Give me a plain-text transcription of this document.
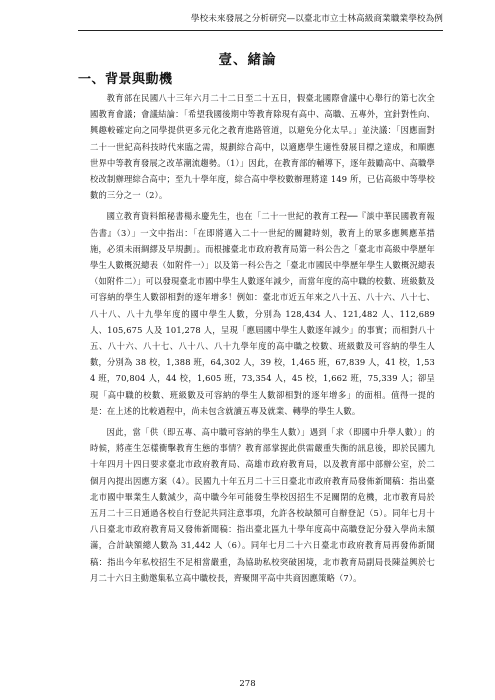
學校未來發展之分析研究—以臺北市立士林高級商業職業學校為例
壹、緒論
一、背景與動機

教育部在民國八十三年六月二十二日至二十五日，假臺北國際會議中心舉行的第七次全國教育會議；會議結論：「希望我國後期中等教育除現有高中、高職、五專外，宜針對性向、興趣較確定向之同學提供更多元化之教育進路管道，以避免分化太早。」並決議：「因應面對二十一世紀高科技時代來臨之需，規劃綜合高中，以適應學生適性發展目標之達成，和順應世界中等教育發展之改革潮流趨勢。（1）」因此，在教育部的輔導下，逐年鼓勵高中、高職學校改制辦理綜合高中；至九十學年度，綜合高中學校數辦理將達 149 所，已佔高級中等學校數的三分之一（2）。

國立教育資料館秘書楊永慶先生，也在「二十一世紀的教育工程──『談中華民國教育報告書』（3）」一文中指出：「在即將邁入二十一世紀的關鍵時刻，教育上的眾多應興應革措施，必須未雨綢繆及早規劃」。而根據臺北市政府教育局第一科公告之「臺北市高級中學歷年學生人數概況總表（如附件一）」以及第一科公告之「臺北市國民中學歷年學生人數概況總表（如附件二）」可以發現臺北市國中學生人數逐年減少，而當年度的高中職的校數、班級數及可容納的學生人數卻相對的逐年增多！例如：臺北市近五年來之八十五、八十六、八十七、八十八、八十九學年度的國中學生人數，分別為 128,434 人、121,482 人、112,689 人、105,675 人及 101,278 人，呈現「應屆國中學生人數逐年減少」的事實；而相對八十五、八十六、八十七、八十八、八十九學年度的高中職之校數、班級數及可容納的學生人數，分別為 38 校，1,388 班，64,302 人，39 校，1,465 班，67,839 人，41 校，1,534 班，70,804 人，44 校，1,605 班，73,354 人，45 校，1,662 班，75,339 人；卻呈現「高中職的校數、班級數及可容納的學生人數卻相對的逐年增多」的面相。值得一提的是：在上述的比較過程中，尚未包含就讀五專及就業、轉學的學生人數。

因此，當「供（即五專、高中職可容納的學生人數）」遇到「求（即國中升學人數）」的時候，將產生怎樣衝擊教育生態的事情？教育部掌握此供需嚴重失衡的訊息後，即於民國九十年四月十四日要求臺北市政府教育局、高雄市政府教育局，以及教育部中部辦公室，於二個月內提出因應方案（4）。民國九十年五月二十三日臺北市政府教育局發佈新聞稿：指出臺北市國中畢業生人數減少，高中職今年可能發生學校因招生不足關閉的危機，北市教育局於五月二十三日通過各校自行登記共同注意事項，允許各校缺額可自辦登記（5）。同年七月十八日臺北市政府教育局又發佈新聞稿：指出臺北區九十學年度高中高職登記分發入學尚未額滿，合計缺額總人數為 31,442 人（6）。同年七月二十六日臺北市政府教育局再發佈新聞稿：指出今年私校招生不足相當嚴重，為協助私校突破困境，北市教育局副局長陳益興於七月二十六日主動邀集私立高中職校長，齊聚開平高中共商因應策略（7）。

278
